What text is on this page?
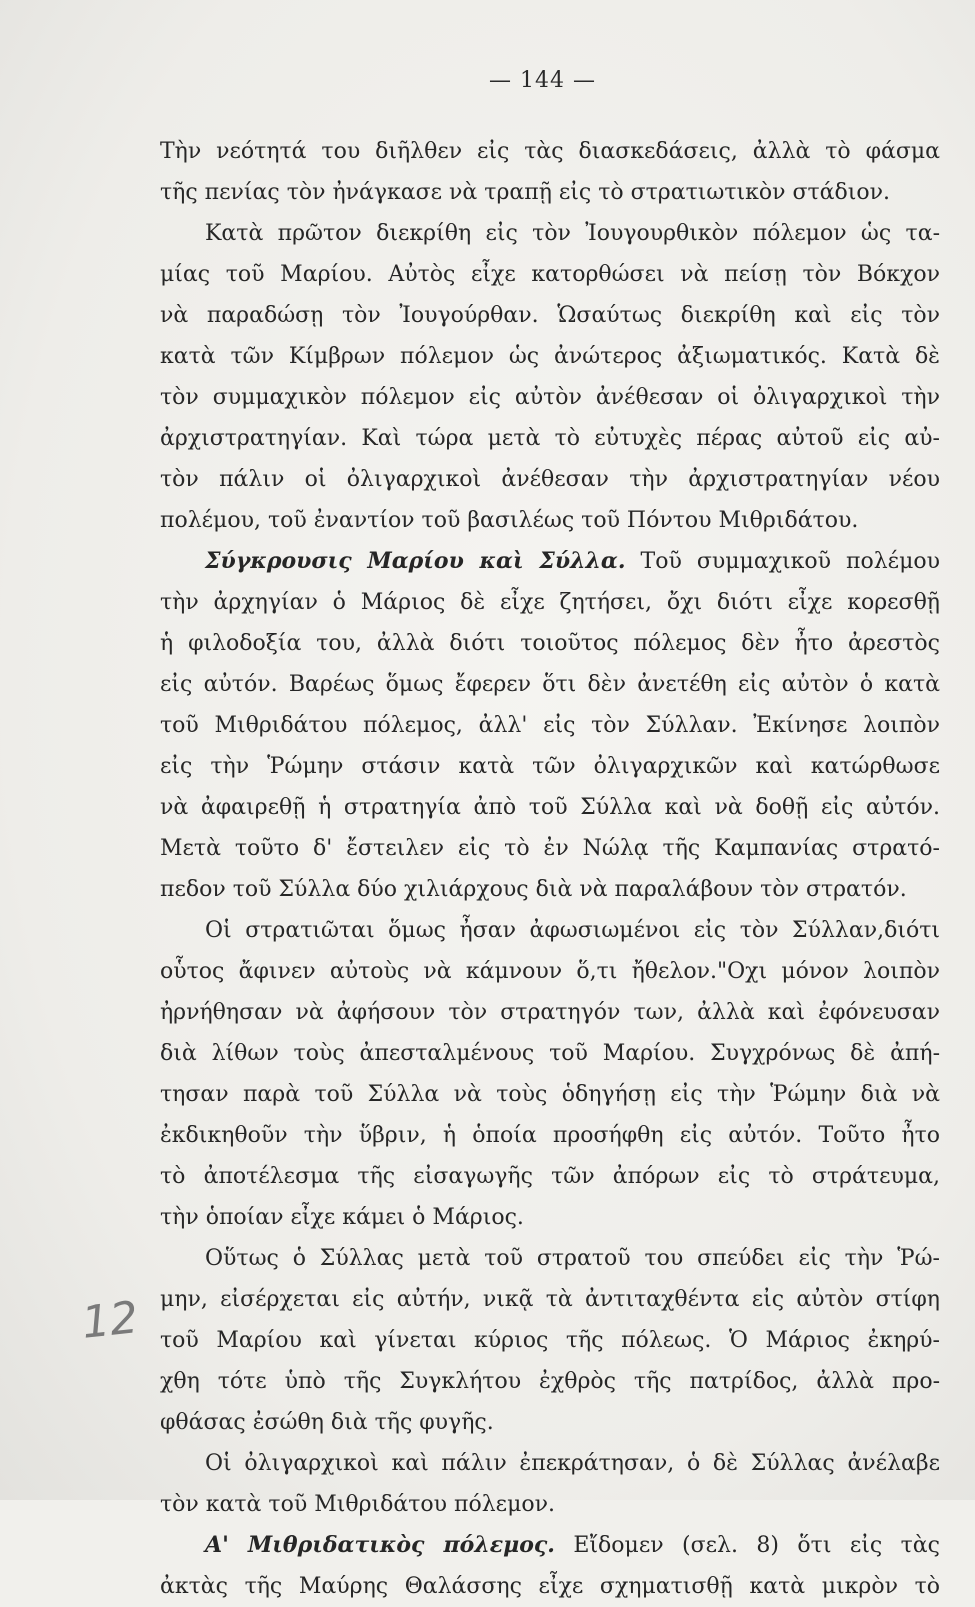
— 144 —
Τὴν νεότητά του διῆλθεν εἰς τὰς διασκεδάσεις, ἀλλὰ τὸ φάσμα
τῆς πενίας τὸν ἠνάγκασε νὰ τραπῇ εἰς τὸ στρατιωτικὸν στάδιον.
Κατὰ πρῶτον διεκρίθη εἰς τὸν Ἰουγουρθικὸν πόλεμον ὡς τα-
μίας τοῦ Μαρίου. Αὐτὸς εἶχε κατορθώσει νὰ πείσῃ τὸν Βόκχον
νὰ παραδώσῃ τὸν Ἰουγούρθαν. Ὡσαύτως διεκρίθη καὶ εἰς τὸν
κατὰ τῶν Κίμβρων πόλεμον ὡς ἀνώτερος ἀξιωματικός. Κατὰ δὲ
τὸν συμμαχικὸν πόλεμον εἰς αὐτὸν ἀνέθεσαν οἱ ὀλιγαρχικοὶ τὴν
ἀρχιστρατηγίαν. Καὶ τώρα μετὰ τὸ εὐτυχὲς πέρας αὐτοῦ εἰς αὐ-
τὸν πάλιν οἱ ὀλιγαρχικοὶ ἀνέθεσαν τὴν ἀρχιστρατηγίαν νέου
πολέμου, τοῦ ἐναντίον τοῦ βασιλέως τοῦ Πόντου Μιθριδάτου.
Σύγκρουσις Μαρίου καὶ Σύλλα. Τοῦ συμμαχικοῦ πολέμου
τὴν ἀρχηγίαν ὁ Μάριος δὲ εἶχε ζητήσει, ὄχι διότι εἶχε κορεσθῇ
ἡ φιλοδοξία του, ἀλλὰ διότι τοιοῦτος πόλεμος δὲν ἦτο ἀρεστὸς
εἰς αὐτόν. Βαρέως ὅμως ἔφερεν ὅτι δὲν ἀνετέθη εἰς αὐτὸν ὁ κατὰ
τοῦ Μιθριδάτου πόλεμος, ἀλλ' εἰς τὸν Σύλλαν. Ἐκίνησε λοιπὸν
εἰς τὴν Ῥώμην στάσιν κατὰ τῶν ὀλιγαρχικῶν καὶ κατώρθωσε
νὰ ἀφαιρεθῇ ἡ στρατηγία ἀπὸ τοῦ Σύλλα καὶ νὰ δοθῇ εἰς αὐτόν.
Μετὰ τοῦτο δ' ἔστειλεν εἰς τὸ ἐν Νώλᾳ τῆς Καμπανίας στρατό-
πεδον τοῦ Σύλλα δύο χιλιάρχους διὰ νὰ παραλάβουν τὸν στρατόν.
Οἱ στρατιῶται ὅμως ἦσαν ἀφωσιωμένοι εἰς τὸν Σύλλαν,διότι
οὗτος ἄφινεν αὐτοὺς νὰ κάμνουν ὅ,τι ἤθελον."Οχι μόνον λοιπὸν
ἠρνήθησαν νὰ ἀφήσουν τὸν στρατηγόν των, ἀλλὰ καὶ ἐφόνευσαν
διὰ λίθων τοὺς ἀπεσταλμένους τοῦ Μαρίου. Συγχρόνως δὲ ἀπή-
τησαν παρὰ τοῦ Σύλλα νὰ τοὺς ὁδηγήσῃ εἰς τὴν Ῥώμην διὰ νὰ
ἐκδικηθοῦν τὴν ὕβριν, ἡ ὁποία προσήφθη εἰς αὐτόν. Τοῦτο ἦτο
τὸ ἀποτέλεσμα τῆς εἰσαγωγῆς τῶν ἀπόρων εἰς τὸ στράτευμα,
τὴν ὁποίαν εἶχε κάμει ὁ Μάριος.
Οὕτως ὁ Σύλλας μετὰ τοῦ στρατοῦ του σπεύδει εἰς τὴν Ῥώ-
μην, εἰσέρχεται εἰς αὐτήν, νικᾷ τὰ ἀντιταχθέντα εἰς αὐτὸν στίφη
τοῦ Μαρίου καὶ γίνεται κύριος τῆς πόλεως. Ὁ Μάριος ἐκηρύ-
χθη τότε ὑπὸ τῆς Συγκλήτου ἐχθρὸς τῆς πατρίδος, ἀλλὰ προ-
φθάσας ἐσώθη διὰ τῆς φυγῆς.
Οἱ ὀλιγαρχικοὶ καὶ πάλιν ἐπεκράτησαν, ὁ δὲ Σύλλας ἀνέλαβε
τὸν κατὰ τοῦ Μιθριδάτου πόλεμον.
Α' Μιθριδατικὸς πόλεμος. Εἴδομεν (σελ. 8) ὅτι εἰς τὰς
ἀκτὰς τῆς Μαύρης Θαλάσσης εἶχε σχηματισθῇ κατὰ μικρὸν τὸ
12
